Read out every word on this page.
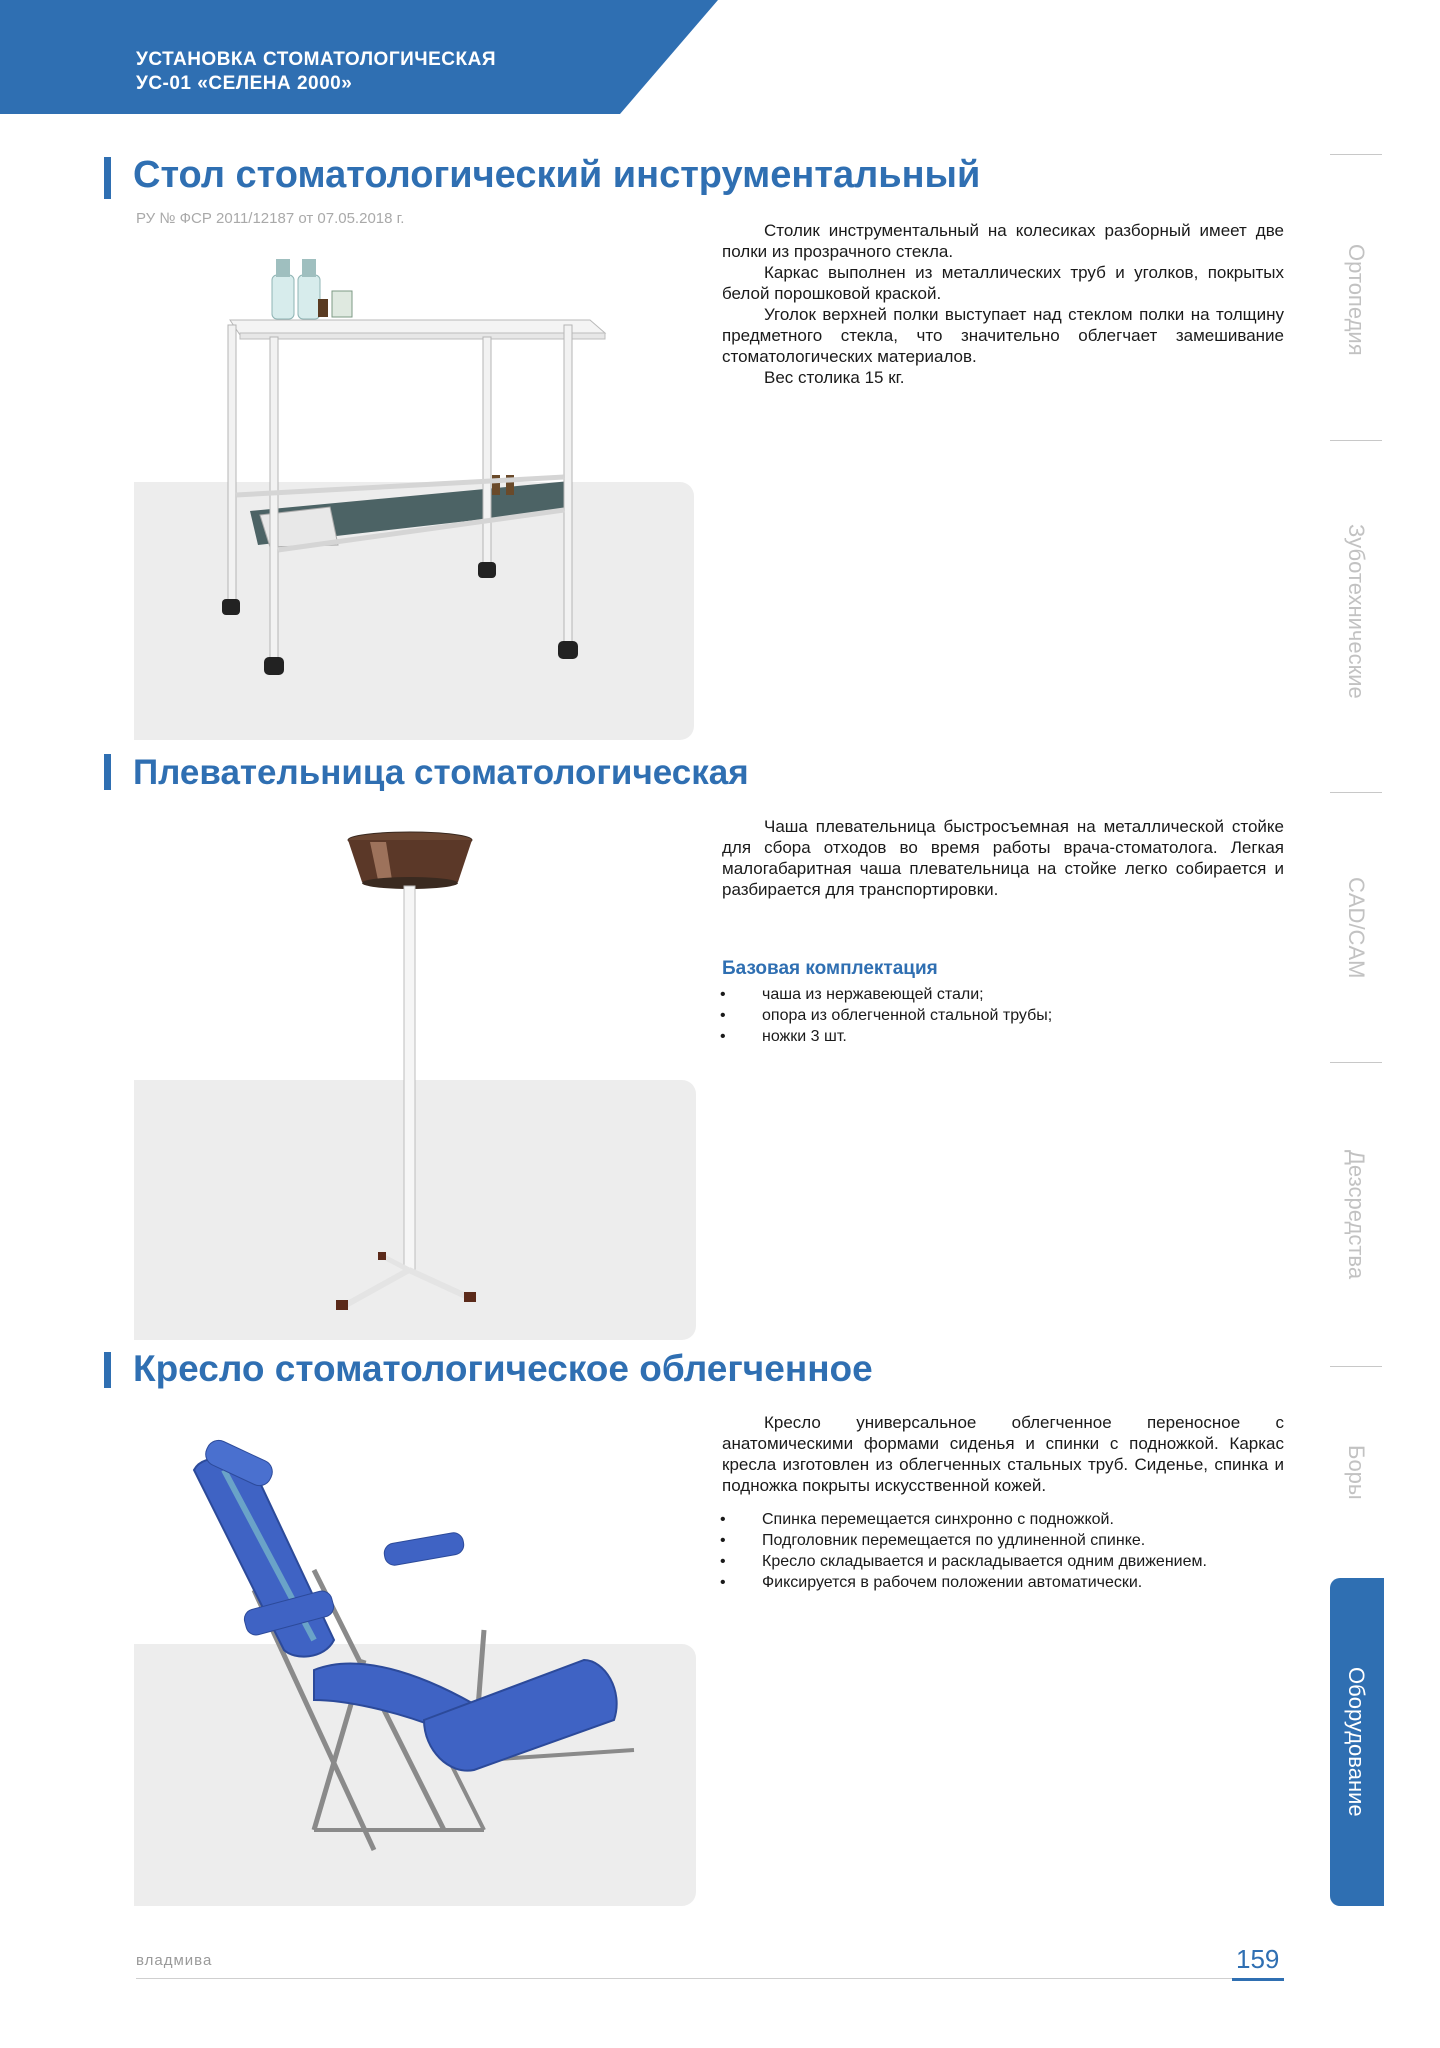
УСТАНОВКА СТОМАТОЛОГИЧЕСКАЯ
УС-01 «СЕЛЕНА 2000»
Стол стоматологический инструментальный
РУ № ФСР 2011/12187 от 07.05.2018 г.

Столик инструментальный на колесиках разборный имеет две полки из прозрачного стекла.

Каркас выполнен из металлических труб и уголков, покрытых белой порошковой краской.

Уголок верхней полки выступает над стеклом полки на толщину предметного стекла, что значительно облегчает замешивание стоматологических материалов.

Вес столика 15 кг.

Плевательница стоматологическая

Чаша плевательница быстросъемная на металлической стойке для сбора отходов во время работы врача-стоматолога. Легкая малогабаритная чаша плевательница на стойке легко собирается и разбирается для транспортировки.

Базовая комплектация
• чаша из нержавеющей стали;
• опора из облегченной стальной трубы;
• ножки 3 шт.
Кресло стоматологическое облегченное

Кресло универсальное облегченное переносное с анатомическими формами сиденья и спинки с подножкой. Каркас кресла изготовлен из облегченных стальных труб. Сиденье, спинка и подножка покрыты искусственной кожей.

• Спинка перемещается синхронно с подножкой.
• Подголовник перемещается по удлиненной спинке.
• Кресло складывается и раскладывается одним движением.
• Фиксируется в рабочем положении автоматически.
Ортопедия
Зуботехнические
CAD/CAM
Дезсредства
Боры
Оборудование
владмива	159
